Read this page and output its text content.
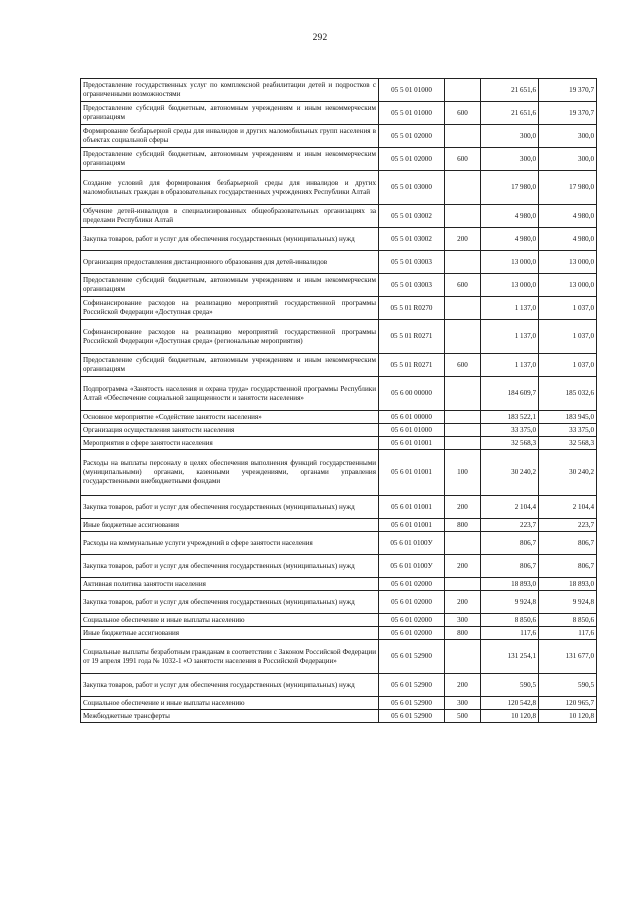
292
Предоставление государственных услуг по комплексной реабилитации детей и подростков с ограниченными возможностями	05 5 01 01000		21 651,6	19 370,7
Предоставление субсидий бюджетным, автономным учреждениям и иным некоммерческим организациям	05 5 01 01000	600	21 651,6	19 370,7
Формирование безбарьерной среды для инвалидов и других маломобильных групп населения в объектах социальной сферы	05 5 01 02000		300,0	300,0
Предоставление субсидий бюджетным, автономным учреждениям и иным некоммерческим организациям	05 5 01 02000	600	300,0	300,0
Создание условий для формирования безбарьерной среды для инвалидов и других маломобильных граждан в образовательных государственных учреждениях Республики Алтай	05 5 01 03000		17 980,0	17 980,0
Обучение детей-инвалидов в специализированных общеобразовательных организациях за пределами Республики Алтай	05 5 01 03002		4 980,0	4 980,0
Закупка товаров, работ и услуг для обеспечения государственных (муниципальных) нужд	05 5 01 03002	200	4 980,0	4 980,0
Организация предоставления дистанционного образования для детей-инвалидов	05 5 01 03003		13 000,0	13 000,0
Предоставление субсидий бюджетным, автономным учреждениям и иным некоммерческим организациям	05 5 01 03003	600	13 000,0	13 000,0
Софинансирование расходов на реализацию мероприятий государственной программы Российской Федерации «Доступная среда»	05 5 01 R0270		1 137,0	1 037,0
Софинансирование расходов на реализацию мероприятий государственной программы Российской Федерации «Доступная среда» (региональные мероприятия)	05 5 01 R0271		1 137,0	1 037,0
Предоставление субсидий бюджетным, автономным учреждениям и иным некоммерческим организациям	05 5 01 R0271	600	1 137,0	1 037,0
Подпрограмма «Занятость населения и охрана труда» государственной программы Республики Алтай «Обеспечение социальной защищенности и занятости населения»	05 6 00 00000		184 609,7	185 032,6
Основное мероприятие «Содействие занятости населения»	05 6 01 00000		183 522,1	183 945,0
Организация осуществления занятости населения	05 6 01 01000		33 375,0	33 375,0
Мероприятия в сфере занятости населения	05 6 01 01001		32 568,3	32 568,3
Расходы на выплаты персоналу в целях обеспечения выполнения функций государственными (муниципальными) органами, казенными учреждениями, органами управления государственными внебюджетными фондами	05 6 01 01001	100	30 240,2	30 240,2
Закупка товаров, работ и услуг для обеспечения государственных (муниципальных) нужд	05 6 01 01001	200	2 104,4	2 104,4
Иные бюджетные ассигнования	05 6 01 01001	800	223,7	223,7
Расходы на коммунальные услуги учреждений в сфере занятости населения	05 6 01 0100У		806,7	806,7
Закупка товаров, работ и услуг для обеспечения государственных (муниципальных) нужд	05 6 01 0100У	200	806,7	806,7
Активная политика занятости населения	05 6 01 02000		18 893,0	18 893,0
Закупка товаров, работ и услуг для обеспечения государственных (муниципальных) нужд	05 6 01 02000	200	9 924,8	9 924,8
Социальное обеспечение и иные выплаты населению	05 6 01 02000	300	8 850,6	8 850,6
Иные бюджетные ассигнования	05 6 01 02000	800	117,6	117,6
Социальные выплаты безработным гражданам в соответствии с Законом Российской Федерации от 19 апреля 1991 года № 1032-1 «О занятости населения в Российской Федерации»	05 6 01 52900		131 254,1	131 677,0
Закупка товаров, работ и услуг для обеспечения государственных (муниципальных) нужд	05 6 01 52900	200	590,5	590,5
Социальное обеспечение и иные выплаты населению	05 6 01 52900	300	120 542,8	120 965,7
Межбюджетные трансферты	05 6 01 52900	500	10 120,8	10 120,8
